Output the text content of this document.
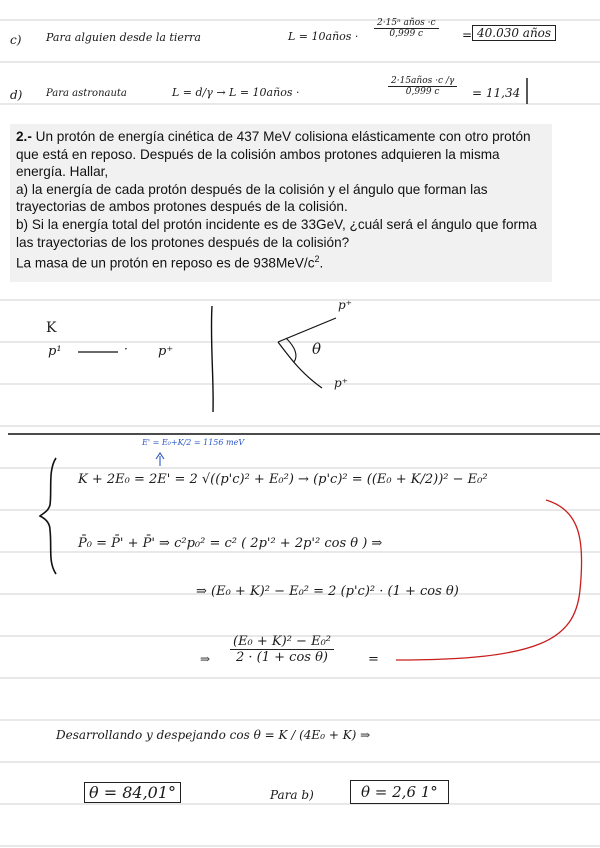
c) Para alguien desde la tierra	L = 10años · $\frac{\text{2·15ⁿ años ·c}}{0,999 c} = 40.030$ años
d) Para astronauta	L = d/γ → L = 10años ·	$\frac{\text{2·15años ·c /γ}}{0,999 c} = 11,34$

2.- Un protón de energía cinética de 437 MeV colisiona elásticamente con otro protón que está en reposo. Después de la colisión ambos protones adquieren la misma energía. Hallar,

a) la energía de cada protón después de la colisión y el ángulo que forman las trayectorias de ambos protones después de la colisión.

b) Si la energía total del protón incidente es de 33GeV, ¿cuál será el ángulo que forma las trayectorias de los protones después de la colisión?

La masa de un protón en reposo es de $938MeV/c^2$.

K
p¹	· p⁺
p⁺
θ
p⁺
E' = E₀+K/2 = 1156 meV
K + 2E₀ = 2E' = 2 √((p'c)² + E₀²) → (p'c)² = ((E₀ + K/2))² − E₀²
P̄₀ = P̄' + P̄' ⇒ c²p₀² = c² ( 2p'² + 2p'² cos θ ) ⇒
⇒ (E₀ + K)² − E₀² = 2 (p'c)² · (1 + cos θ)
⇒ $\frac{\text{(E₀ + K)² − E₀²}}{\text{2 · (1 + cos θ)}}$	=
Desarrollando y despejando cos θ = K / (4E₀ + K) ⇒
θ = 84,01°	Para b)	θ = 2,6 1°
